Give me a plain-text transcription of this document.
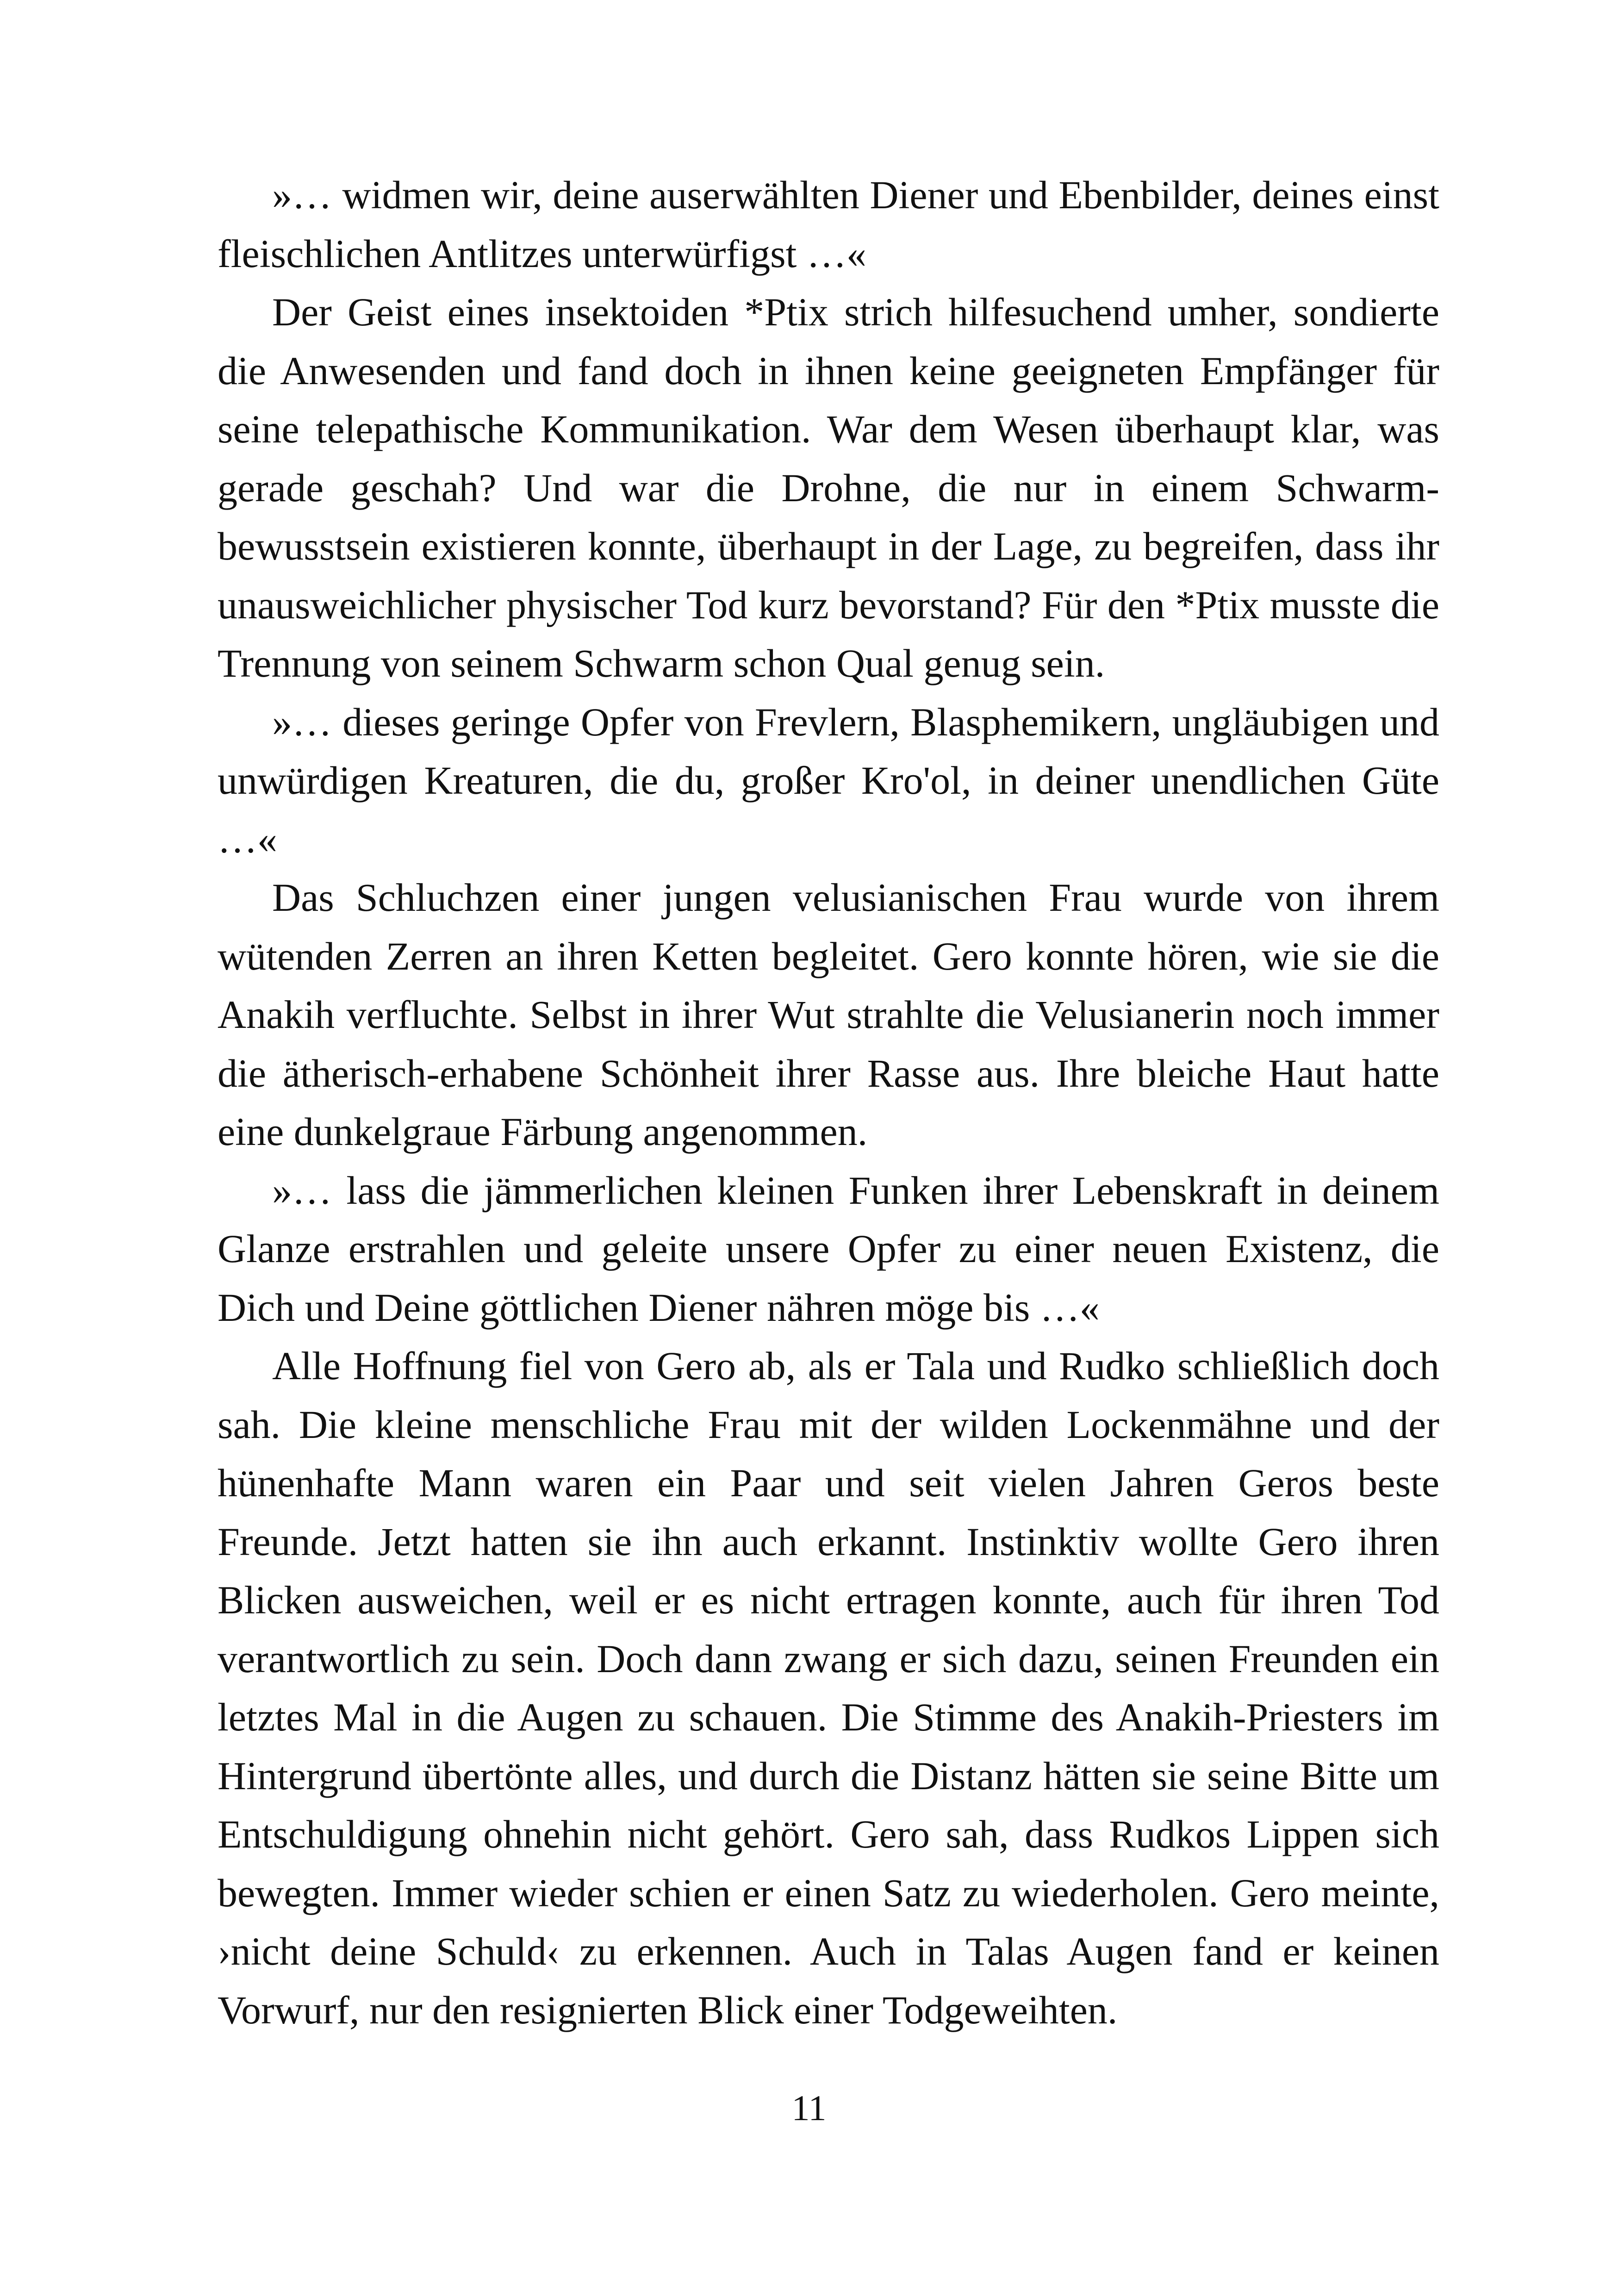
»… widmen wir, deine auserwählten Diener und Ebenbilder, deines einst fleischlichen Antlitzes unterwürfigst …«

Der Geist eines insektoiden *Ptix strich hilfesuchend umher, sondierte die Anwesenden und fand doch in ihnen keine geeigneten Empfänger für seine telepathische Kommunikation. War dem Wesen überhaupt klar, was gerade geschah? Und war die Drohne, die nur in einem Schwarmbewusstsein existieren konnte, überhaupt in der Lage, zu begreifen, dass ihr unausweichlicher physischer Tod kurz bevorstand? Für den *Ptix musste die Trennung von seinem Schwarm schon Qual genug sein.

»… dieses geringe Opfer von Frevlern, Blasphemikern, ungläubigen und unwürdigen Kreaturen, die du, großer Kro'ol, in deiner unendlichen Güte …«

Das Schluchzen einer jungen velusianischen Frau wurde von ihrem wütenden Zerren an ihren Ketten begleitet. Gero konnte hören, wie sie die Anakih verfluchte. Selbst in ihrer Wut strahlte die Velusianerin noch immer die ätherisch-erhabene Schönheit ihrer Rasse aus. Ihre bleiche Haut hatte eine dunkelgraue Färbung angenommen.

»… lass die jämmerlichen kleinen Funken ihrer Lebenskraft in deinem Glanze erstrahlen und geleite unsere Opfer zu einer neuen Existenz, die Dich und Deine göttlichen Diener nähren möge bis …«

Alle Hoffnung fiel von Gero ab, als er Tala und Rudko schließlich doch sah. Die kleine menschliche Frau mit der wilden Lockenmähne und der hünenhafte Mann waren ein Paar und seit vielen Jahren Geros beste Freunde. Jetzt hatten sie ihn auch erkannt. Instinktiv wollte Gero ihren Blicken ausweichen, weil er es nicht ertragen konnte, auch für ihren Tod verantwortlich zu sein. Doch dann zwang er sich dazu, seinen Freunden ein letztes Mal in die Augen zu schauen. Die Stimme des Anakih-Priesters im Hintergrund übertönte alles, und durch die Distanz hätten sie seine Bitte um Entschuldigung ohnehin nicht gehört. Gero sah, dass Rudkos Lippen sich bewegten. Immer wieder schien er einen Satz zu wiederholen. Gero meinte, ›nicht deine Schuld‹ zu erkennen. Auch in Talas Augen fand er keinen Vorwurf, nur den resignierten Blick einer Todgeweihten.

11
